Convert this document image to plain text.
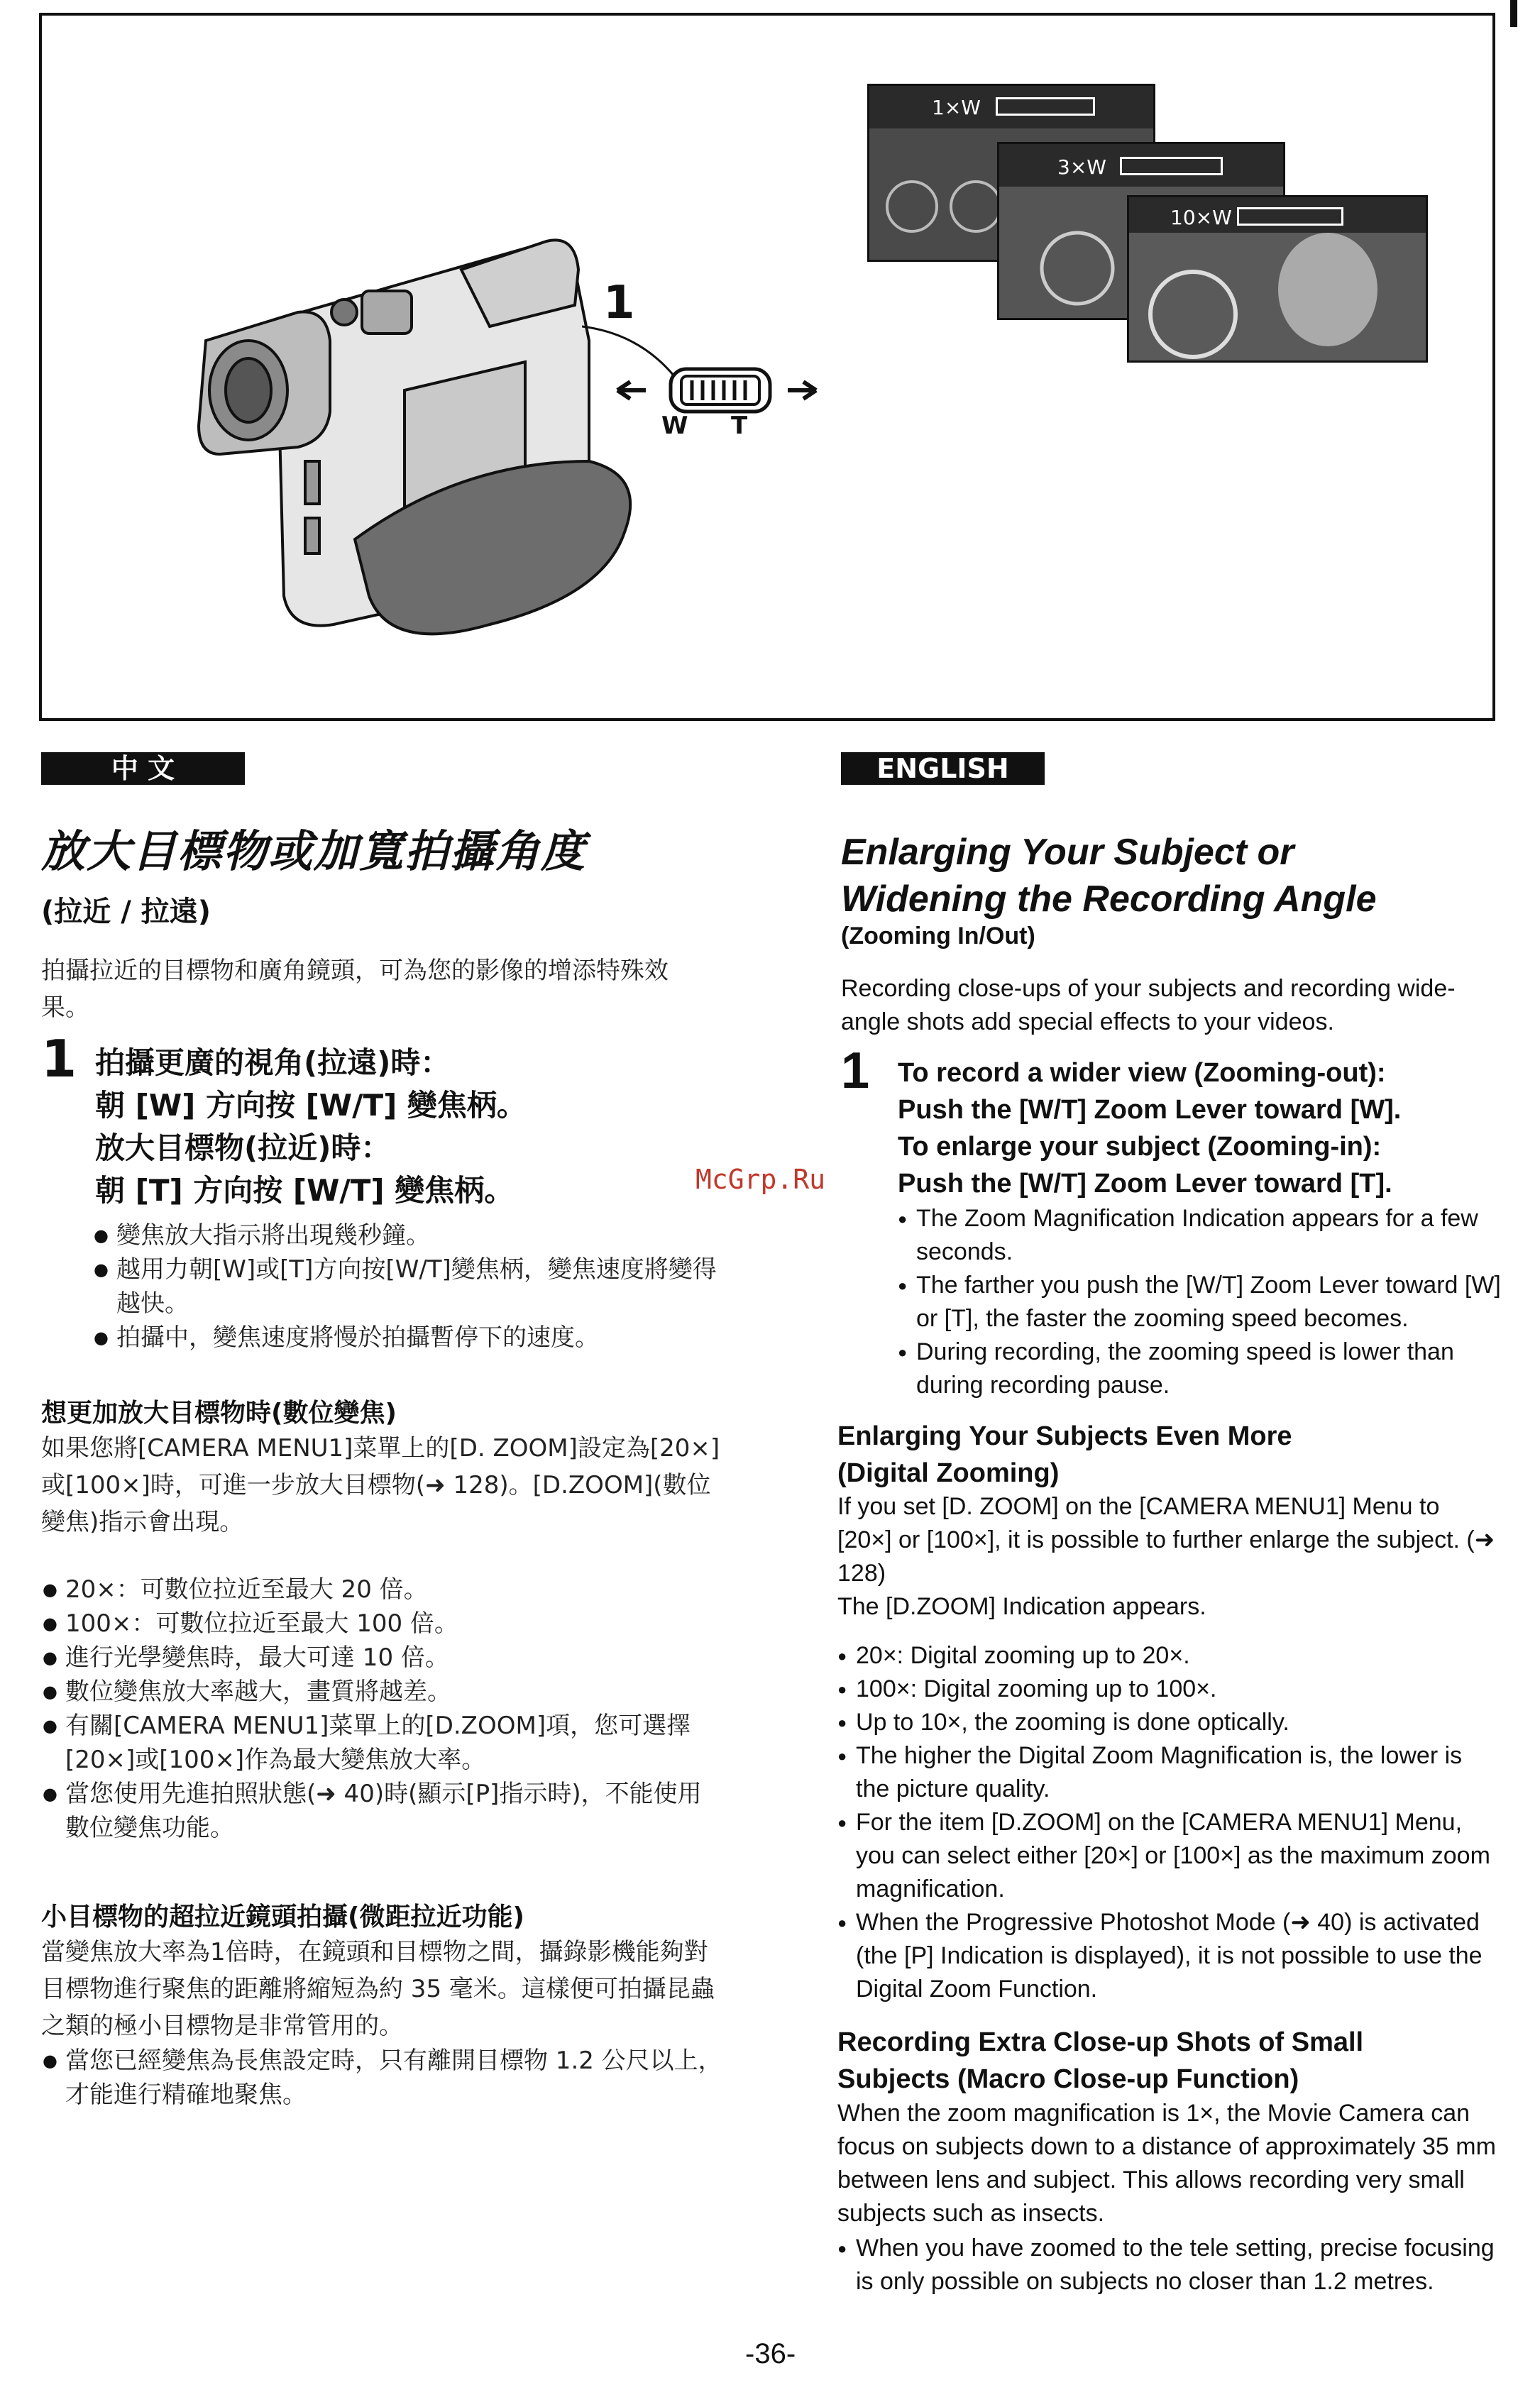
1
W T
1×W
3×W
10×W
中 文
放大目標物或加寬拍攝角度
(拉近 / 拉遠)
拍攝拉近的目標物和廣角鏡頭，可為您的影像的增添特殊效果。
1 拍攝更廣的視角(拉遠)時：
朝 [W] 方向按 [W/T] 變焦柄。
放大目標物(拉近)時：
朝 [T] 方向按 [W/T] 變焦柄。
● 變焦放大指示將出現幾秒鐘。
● 越用力朝[W]或[T]方向按[W/T]變焦柄，變焦速度將變得越快。
● 拍攝中，變焦速度將慢於拍攝暫停下的速度。
想更加放大目標物時(數位變焦)
如果您將[CAMERA MENU1]菜單上的[D. ZOOM]設定為[20×]或[100×]時，可進一步放大目標物(➜ 128)。[D.ZOOM](數位變焦)指示會出現。
● 20×：可數位拉近至最大 20 倍。
● 100×：可數位拉近至最大 100 倍。
● 進行光學變焦時，最大可達 10 倍。
● 數位變焦放大率越大，畫質將越差。
● 有關[CAMERA MENU1]菜單上的[D.ZOOM]項，您可選擇[20×]或[100×]作為最大變焦放大率。
● 當您使用先進拍照狀態(➜ 40)時(顯示[P]指示時)，不能使用數位變焦功能。
小目標物的超拉近鏡頭拍攝(微距拉近功能)
當變焦放大率為1倍時，在鏡頭和目標物之間，攝錄影機能夠對目標物進行聚焦的距離將縮短為約 35 毫米。這樣便可拍攝昆蟲之類的極小目標物是非常管用的。
● 當您已經變焦為長焦設定時，只有離開目標物 1.2 公尺以上，才能進行精確地聚焦。
McGrp.Ru
ENGLISH
Enlarging Your Subject or
Widening the Recording Angle
(Zooming In/Out)
Recording close-ups of your subjects and recording wide-angle shots add special effects to your videos.
1 To record a wider view (Zooming-out):
Push the [W/T] Zoom Lever toward [W].
To enlarge your subject (Zooming-in):
Push the [W/T] Zoom Lever toward [T].
● The Zoom Magnification Indication appears for a few seconds.
● The farther you push the [W/T] Zoom Lever toward [W] or [T], the faster the zooming speed becomes.
● During recording, the zooming speed is lower than during recording pause.
Enlarging Your Subjects Even More
(Digital Zooming)
If you set [D. ZOOM] on the [CAMERA MENU1] Menu to [20×] or [100×], it is possible to further enlarge the subject. (➜ 128)
The [D.ZOOM] Indication appears.
● 20×: Digital zooming up to 20×.
● 100×: Digital zooming up to 100×.
● Up to 10×, the zooming is done optically.
● The higher the Digital Zoom Magnification is, the lower is the picture quality.
● For the item [D.ZOOM] on the [CAMERA MENU1] Menu, you can select either [20×] or [100×] as the maximum zoom magnification.
● When the Progressive Photoshot Mode (➜ 40) is activated (the [P] Indication is displayed), it is not possible to use the Digital Zoom Function.
Recording Extra Close-up Shots of Small
Subjects (Macro Close-up Function)
When the zoom magnification is 1×, the Movie Camera can focus on subjects down to a distance of approximately 35 mm between lens and subject. This allows recording very small subjects such as insects.
● When you have zoomed to the tele setting, precise focusing is only possible on subjects no closer than 1.2 metres.
-36-
